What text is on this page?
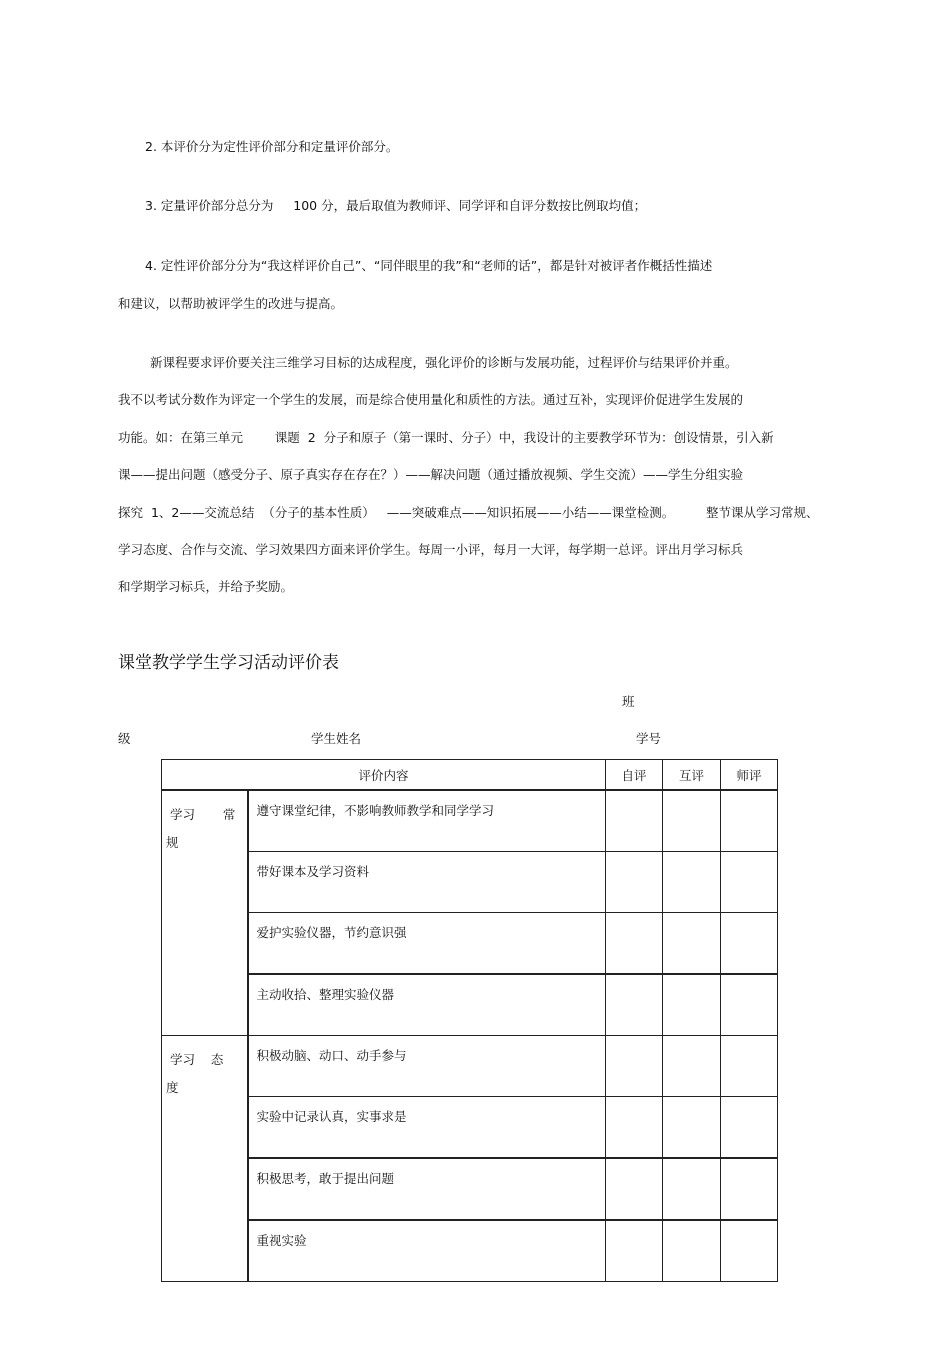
2. 本评价分为定性评价部分和定量评价部分。
3. 定量评价部分总分为     100 分，最后取值为教师评、同学评和自评分数按比例取均值；
4. 定性评价部分分为“我这样评价自己”、“同伴眼里的我”和“老师的话”，都是针对被评者作概括性描述
和建议，以帮助被评学生的改进与提高。
新课程要求评价要关注三维学习目标的达成程度，强化评价的诊断与发展功能，过程评价与结果评价并重。
我不以考试分数作为评定一个学生的发展，而是综合使用量化和质性的方法。通过互补，实现评价促进学生发展的
功能。如：在第三单元        课题  2  分子和原子（第一课时、分子）中，我设计的主要教学环节为：创设情景，引入新
课——提出问题（感受分子、原子真实存在存在？）——解决问题（通过播放视频、学生交流）——学生分组实验
探究  1、2——交流总结  （分子的基本性质）   ——突破难点——知识拓展——小结——课堂检测。        整节课从学习常规、
学习态度、合作与交流、学习效果四方面来评价学生。每周一小评，每月一大评，每学期一总评。评出月学习标兵
和学期学习标兵，并给予奖励。
课堂教学学生学习活动评价表
班
级	学生姓名	学号
评价内容		自评	互评	师评

学习       常
规	遵守课堂纪律，不影响教师教学和同学学习			
	带好课本及学习资料			
	爱护实验仪器，节约意识强			
	主动收拾、整理实验仪器			

学习    态
度	积极动脑、动口、动手参与			
	实验中记录认真，实事求是			
	积极思考，敢于提出问题			
	重视实验			
